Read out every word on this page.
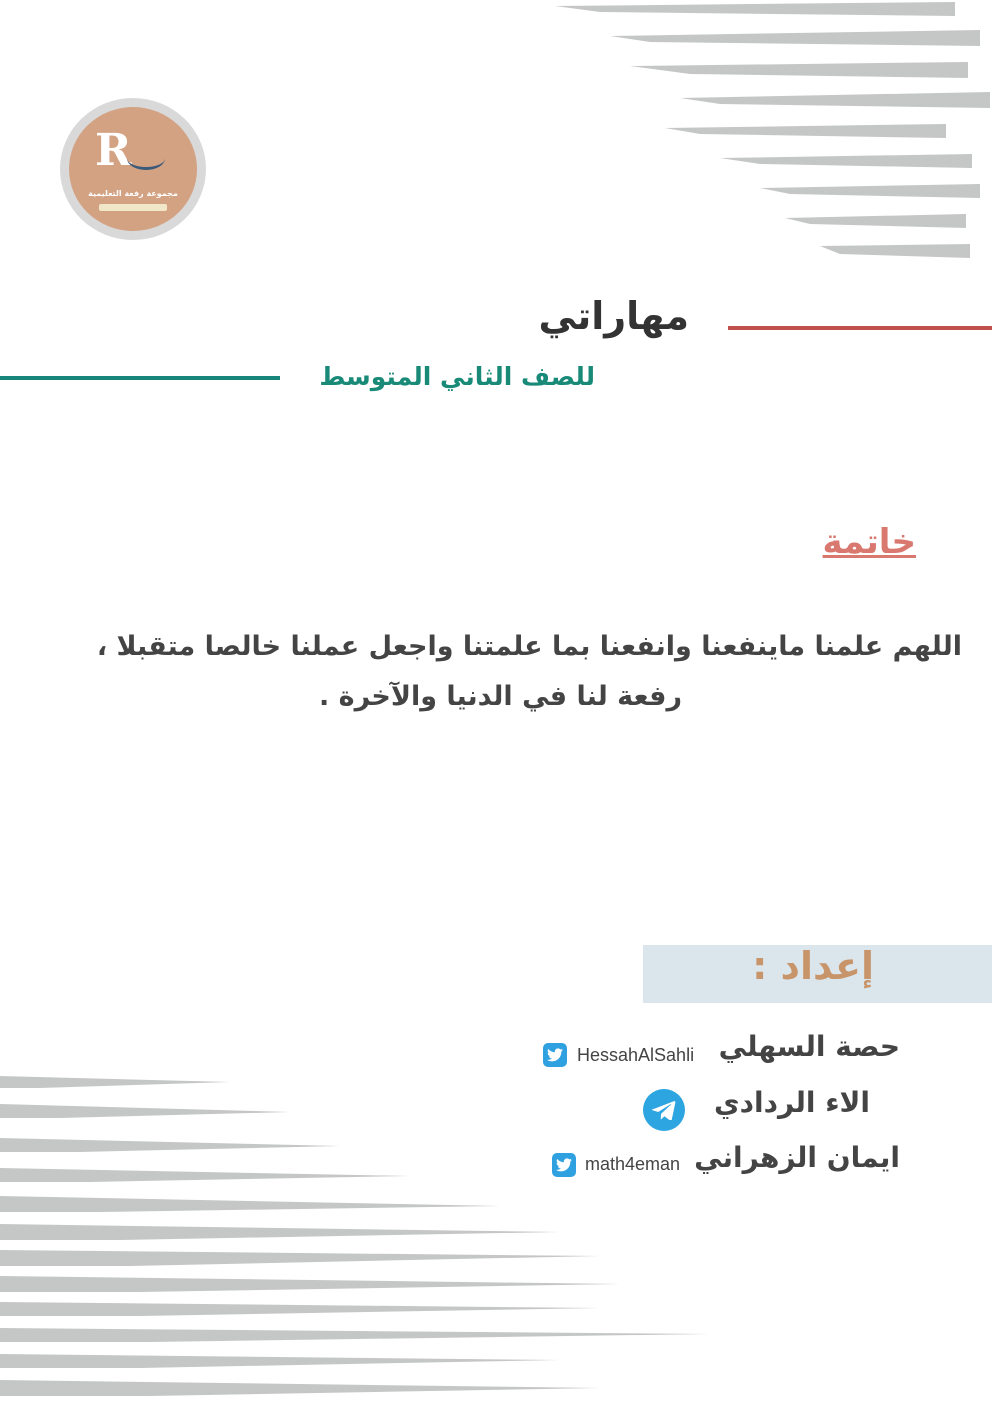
R
مجموعة رفعة التعليمية
مهاراتي
للصف الثاني المتوسط
خاتمة
اللهم علمنا ماينفعنا وانفعنا بما علمتنا واجعل عملنا خالصا متقبلا ،
رفعة لنا في الدنيا والآخرة .
إعداد :
حصة السهلي
HessahAlSahli
الاء الردادي
ايمان الزهراني
math4eman
